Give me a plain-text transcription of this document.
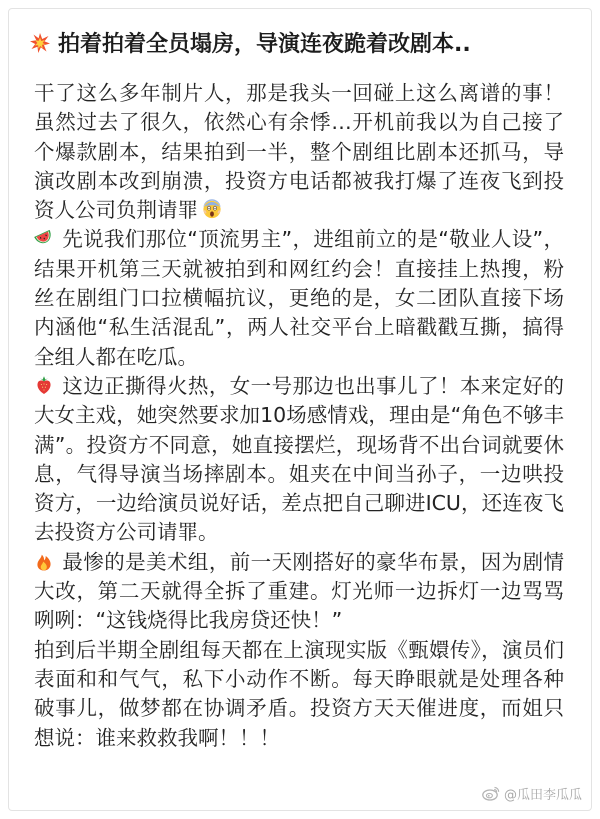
拍着拍着全员塌房，导演连夜跪着改剧本..

干了这么多年制片人，那是我头一回碰上这么离谱的事！虽然过去了很久，依然心有余悸…开机前我以为自己接了个爆款剧本，结果拍到一半，整个剧组比剧本还抓马，导演改剧本改到崩溃，投资方电话都被我打爆了连夜飞到投资人公司负荆请罪

先说我们那位“顶流男主”，进组前立的是“敬业人设”，结果开机第三天就被拍到和网红约会！直接挂上热搜，粉丝在剧组门口拉横幅抗议，更绝的是，女二团队直接下场内涵他“私生活混乱”，两人社交平台上暗戳戳互撕，搞得全组人都在吃瓜。

这边正撕得火热，女一号那边也出事儿了！本来定好的大女主戏，她突然要求加10场感情戏，理由是“角色不够丰满”。投资方不同意，她直接摆烂，现场背不出台词就要休息，气得导演当场摔剧本。姐夹在中间当孙子，一边哄投资方，一边给演员说好话，差点把自己聊进ICU，还连夜飞去投资方公司请罪。

最惨的是美术组，前一天刚搭好的豪华布景，因为剧情大改，第二天就得全拆了重建。灯光师一边拆灯一边骂骂咧咧：“这钱烧得比我房贷还快！”

拍到后半期全剧组每天都在上演现实版《甄嬛传》，演员们表面和和气气，私下小动作不断。每天睁眼就是处理各种破事儿，做梦都在协调矛盾。投资方天天催进度，而姐只想说：谁来救救我啊！！！

@瓜田李瓜瓜
